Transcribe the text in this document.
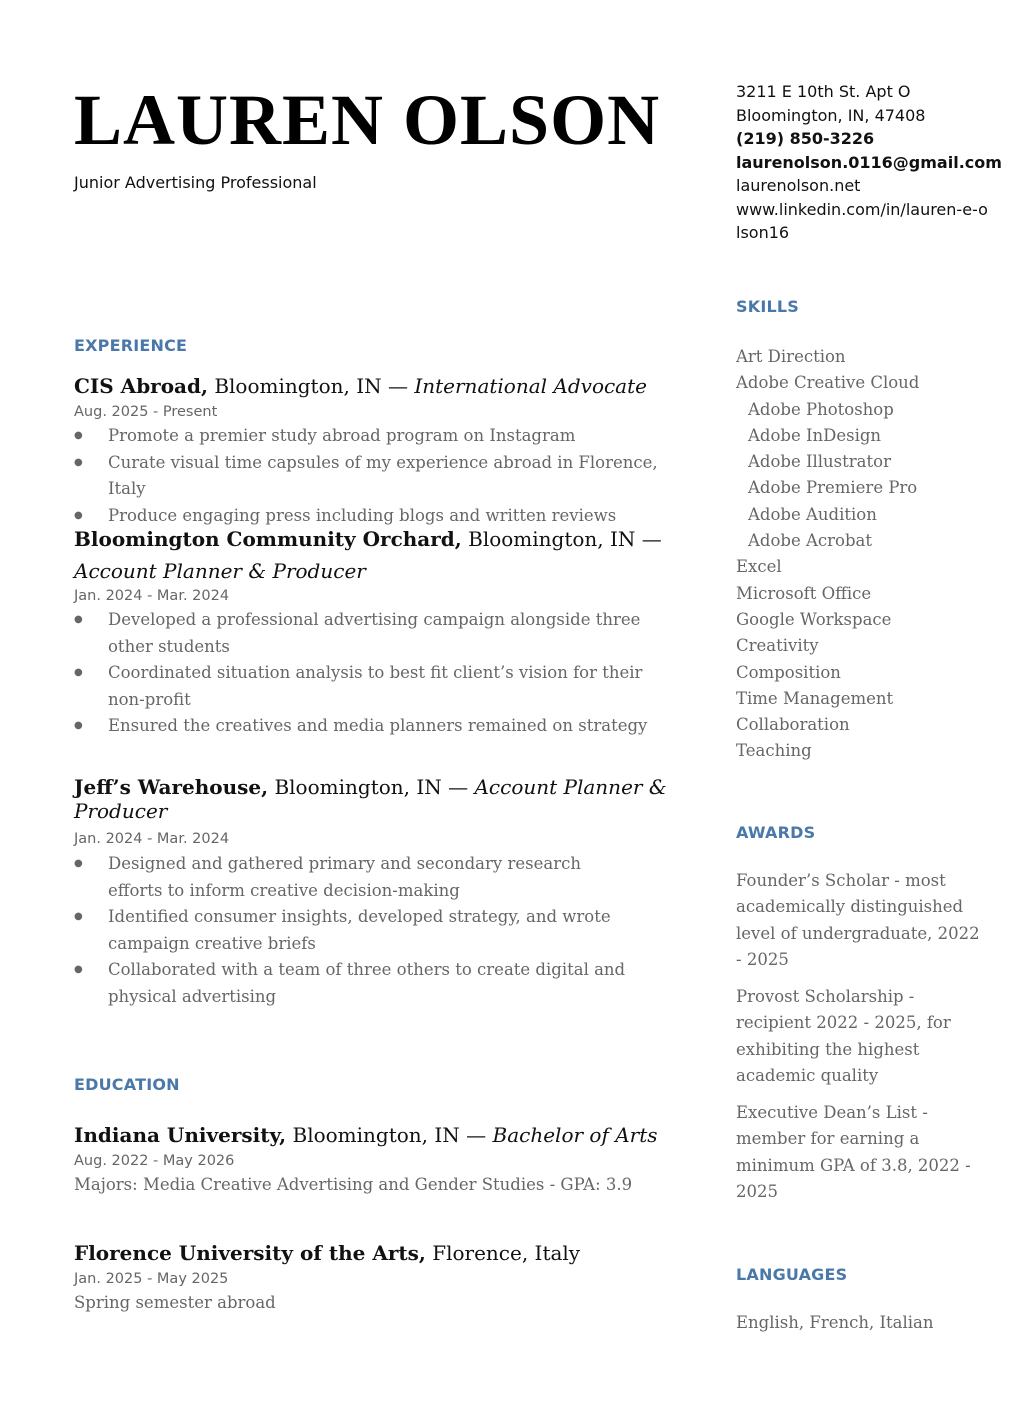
LAUREN OLSON
Junior Advertising Professional
3211 E 10th St. Apt O
Bloomington, IN, 47408
(219) 850-3226
laurenolson.0116@gmail.com
laurenolson.net
www.linkedin.com/in/lauren-e-o
lson16
EXPERIENCE
CIS Abroad, Bloomington, IN — International Advocate
Aug. 2025 - Present
● Promote a premier study abroad program on Instagram
● Curate visual time capsules of my experience abroad in Florence, Italy
● Produce engaging press including blogs and written reviews
Bloomington Community Orchard, Bloomington, IN —
Account Planner & Producer
Jan. 2024 - Mar. 2024
● Developed a professional advertising campaign alongside three other students
● Coordinated situation analysis to best fit client’s vision for their non-profit
● Ensured the creatives and media planners remained on strategy
Jeff’s Warehouse, Bloomington, IN — Account Planner &
Producer
Jan. 2024 - Mar. 2024
● Designed and gathered primary and secondary research efforts to inform creative decision-making
● Identified consumer insights, developed strategy, and wrote campaign creative briefs
● Collaborated with a team of three others to create digital and physical advertising
EDUCATION
Indiana University, Bloomington, IN — Bachelor of Arts
Aug. 2022 - May 2026
Majors: Media Creative Advertising and Gender Studies - GPA: 3.9
Florence University of the Arts, Florence, Italy
Jan. 2025 - May 2025
Spring semester abroad
SKILLS
Art Direction
Adobe Creative Cloud
Adobe Photoshop
Adobe InDesign
Adobe Illustrator
Adobe Premiere Pro
Adobe Audition
Adobe Acrobat
Excel
Microsoft Office
Google Workspace
Creativity
Composition
Time Management
Collaboration
Teaching
AWARDS
Founder’s Scholar - most academically distinguished level of undergraduate, 2022 - 2025
Provost Scholarship - recipient 2022 - 2025, for exhibiting the highest academic quality
Executive Dean’s List - member for earning a minimum GPA of 3.8, 2022 - 2025
LANGUAGES
English, French, Italian
